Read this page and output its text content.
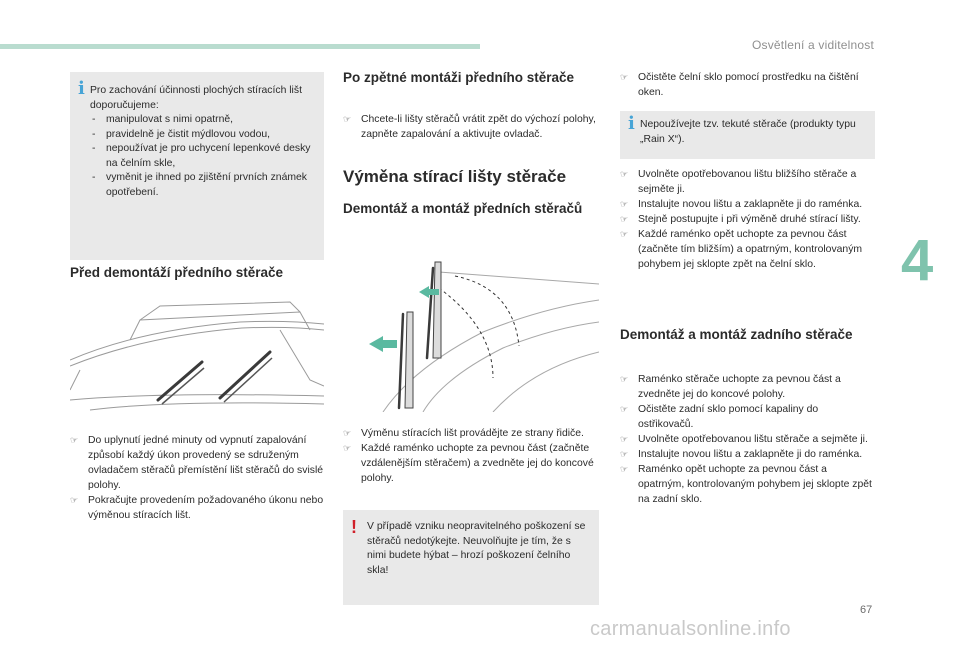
Osvětlení a viditelnost
4
i Pro zachování účinnosti plochých stíracích lišt doporučujeme:
- manipulovat s nimi opatrně,
- pravidelně je čistit mýdlovou vodou,
- nepoužívat je pro uchycení lepenkové desky na čelním skle,
- vyměnit je ihned po zjištění prvních známek opotřebení.
Před demontáží předního stěrače
☞ Do uplynutí jedné minuty od vypnutí zapalování způsobí každý úkon provedený se sdruženým ovladačem stěračů přemístění lišt stěračů do svislé polohy.
☞ Pokračujte provedením požadovaného úkonu nebo výměnou stíracích lišt.
Po zpětné montáži předního stěrače
☞ Chcete-li lišty stěračů vrátit zpět do výchozí polohy, zapněte zapalování a aktivujte ovladač.
Výměna stírací lišty stěrače
Demontáž a montáž předních stěračů
☞ Výměnu stíracích lišt provádějte ze strany řidiče.
☞ Každé raménko uchopte za pevnou část (začněte vzdálenějším stěračem) a zvedněte jej do koncové polohy.
! V případě vzniku neopravitelného poškození se stěračů nedotýkejte. Neuvolňujte je tím, že s nimi budete hýbat – hrozí poškození čelního skla!
☞ Očistěte čelní sklo pomocí prostředku na čištění oken.
i Nepoužívejte tzv. tekuté stěrače (produkty typu „Rain X“).
☞ Uvolněte opotřebovanou lištu bližšího stěrače a sejměte ji.
☞ Instalujte novou lištu a zaklapněte ji do raménka.
☞ Stejně postupujte i při výměně druhé stírací lišty.
☞ Každé raménko opět uchopte za pevnou část (začněte tím bližším) a opatrným, kontrolovaným pohybem jej sklopte zpět na čelní sklo.
Demontáž a montáž zadního stěrače
☞ Raménko stěrače uchopte za pevnou část a zvedněte jej do koncové polohy.
☞ Očistěte zadní sklo pomocí kapaliny do ostřikovačů.
☞ Uvolněte opotřebovanou lištu stěrače a sejměte ji.
☞ Instalujte novou lištu a zaklapněte ji do raménka.
☞ Raménko opět uchopte za pevnou část a opatrným, kontrolovaným pohybem jej sklopte zpět na zadní sklo.
67
carmanualsonline.info
